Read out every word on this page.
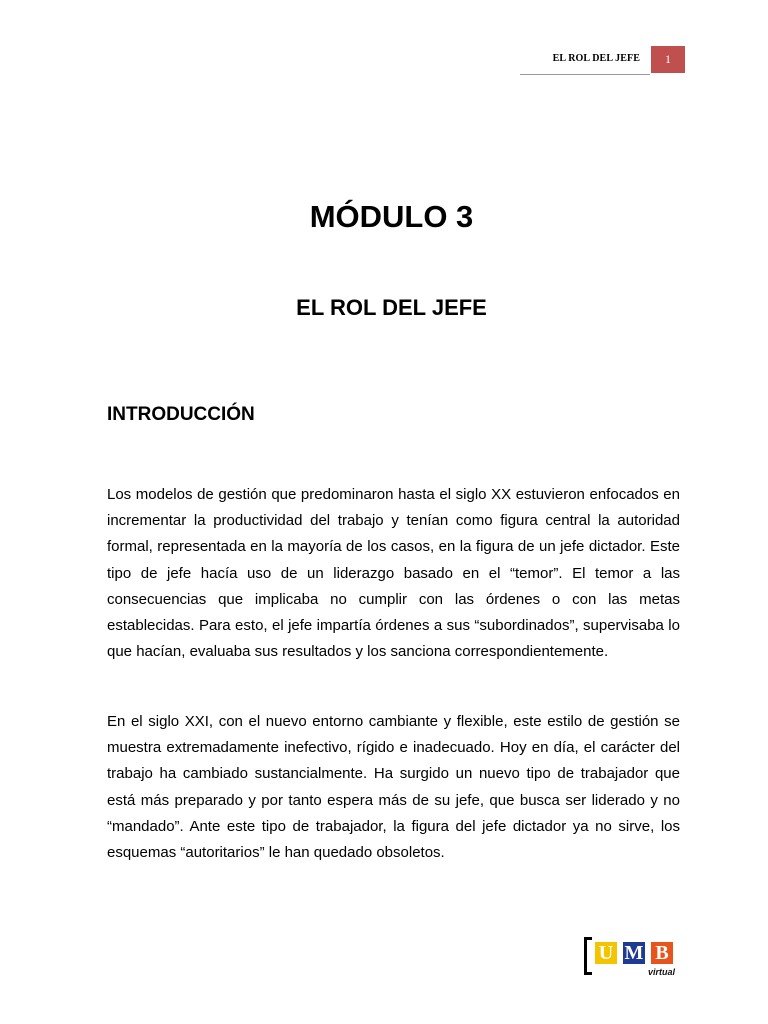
EL ROL DEL JEFE	1
MÓDULO 3
EL ROL DEL JEFE
INTRODUCCIÓN

Los modelos de gestión que predominaron hasta el siglo XX estuvieron enfocados en incrementar la productividad del trabajo y tenían como figura central la autoridad formal, representada en la mayoría de los casos, en la figura de un jefe dictador. Este tipo de jefe hacía uso de un liderazgo basado en el “temor”. El temor a las consecuencias que implicaba no cumplir con las órdenes o con las metas establecidas. Para esto, el jefe impartía órdenes a sus “subordinados”, supervisaba lo que hacían, evaluaba sus resultados y los sanciona correspondientemente.

En el siglo XXI, con el nuevo entorno cambiante y flexible, este estilo de gestión se muestra extremadamente inefectivo, rígido e inadecuado. Hoy en día, el carácter del trabajo ha cambiado sustancialmente. Ha surgido un nuevo tipo de trabajador que está más preparado y por tanto espera más de su jefe, que busca ser liderado y no “mandado”. Ante este tipo de trabajador, la figura del jefe dictador ya no sirve, los esquemas “autoritarios” le han quedado obsoletos.

U M B
virtual
